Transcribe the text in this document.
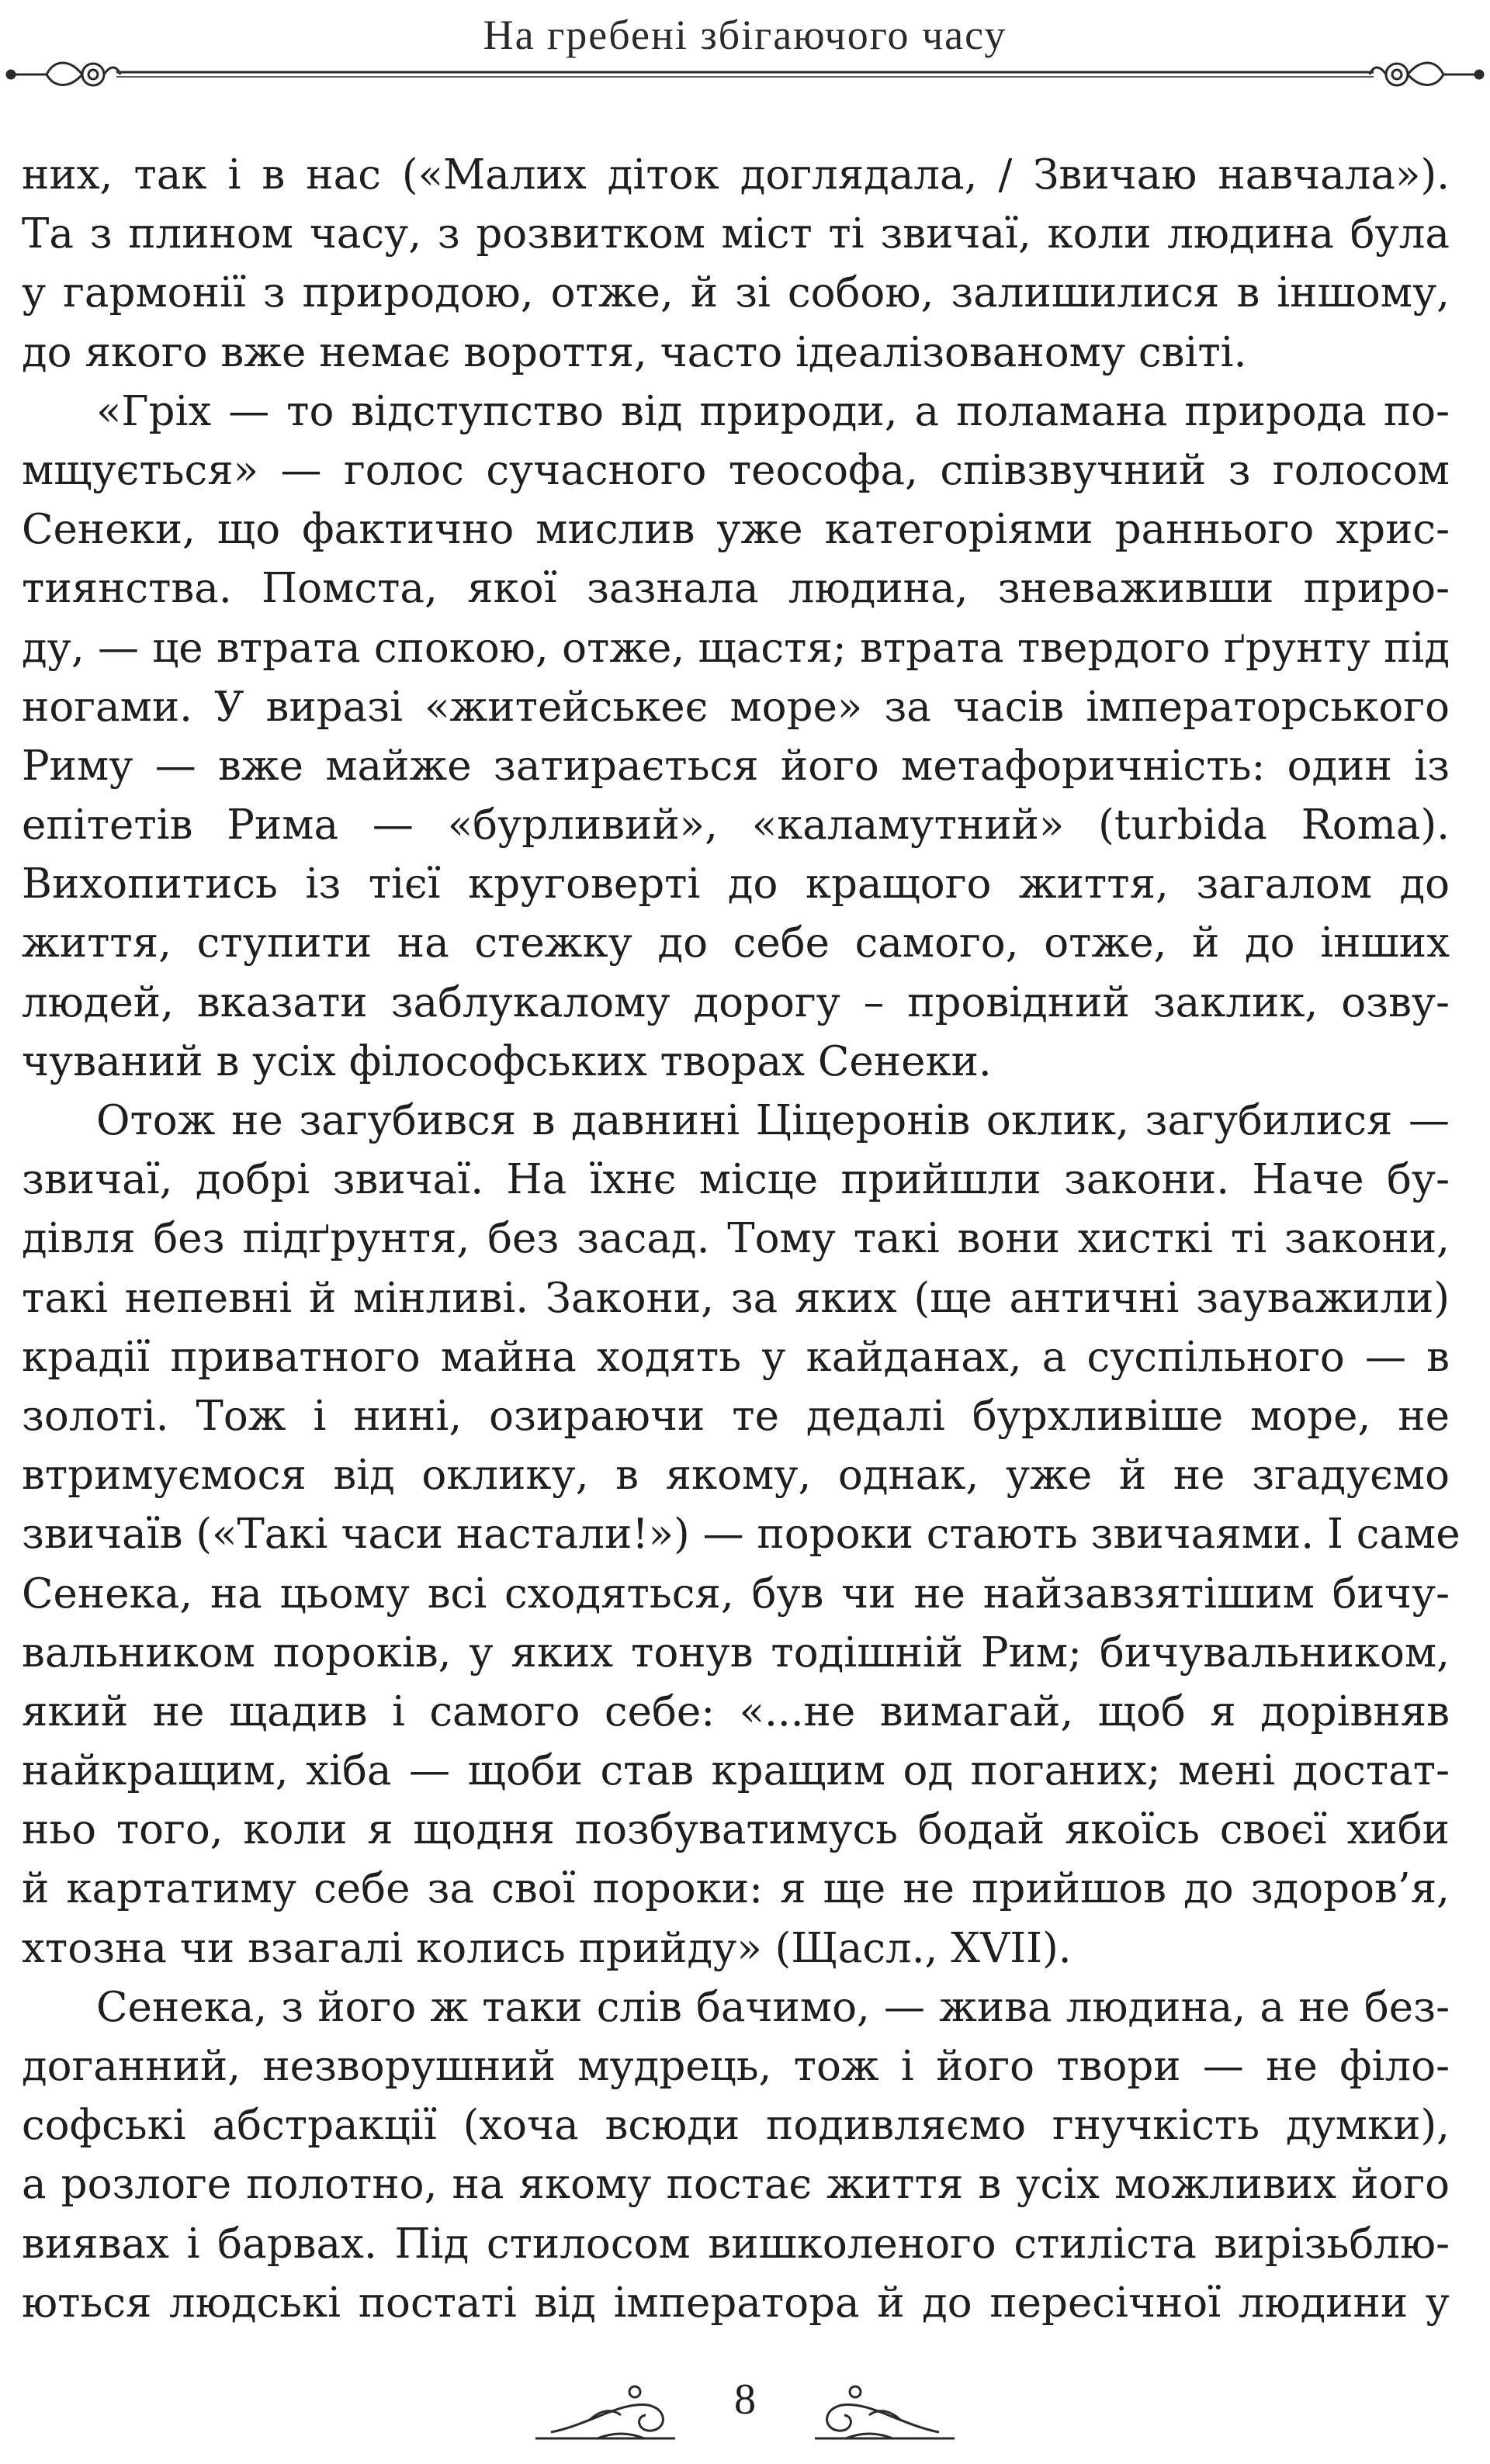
На гребені збігаючого часу
них, так і в нас («Малих діток доглядала, / Звичаю навчала»).
Та з плином часу, з розвитком міст ті звичаї, коли людина була
у гармонії з природою, отже, й зі собою, залишилися в іншому,
до якого вже немає вороття, часто ідеалізованому світі.
«Гріх — то відступство від природи, а поламана природа по-
мщується» — голос сучасного теософа, співзвучний з голосом
Сенеки, що фактично мислив уже категоріями раннього хрис-
тиянства. Помста, якої зазнала людина, зневаживши приро-
ду, — це втрата спокою, отже, щастя; втрата твердого ґрунту під
ногами. У виразі «житейськеє море» за часів імператорського
Риму — вже майже затирається його метафоричність: один із
епітетів Рима — «бурливий», «каламутний» (turbida Roma).
Вихопитись із тієї круговерті до кращого життя, загалом до
життя, ступити на стежку до себе самого, отже, й до інших
людей, вказати заблукалому дорогу – провідний заклик, озву-
чуваний в усіх філософських творах Сенеки.
Отож не загубився в давнині Ціцеронів оклик, загубилися —
звичаї, добрі звичаї. На їхнє місце прийшли закони. Наче бу-
дівля без підґрунтя, без засад. Тому такі вони хисткі ті закони,
такі непевні й мінливі. Закони, за яких (ще античні зауважили)
крадії приватного майна ходять у кайданах, а суспільного — в
золоті. Тож і нині, озираючи те дедалі бурхливіше море, не
втримуємося від оклику, в якому, однак, уже й не згадуємо
звичаїв («Такі часи настали!») — пороки стають звичаями. І саме
Сенека, на цьому всі сходяться, був чи не найзавзятішим бичу-
вальником пороків, у яких тонув тодішній Рим; бичувальником,
який не щадив і самого себе: «...не вимагай, щоб я дорівняв
найкращим, хіба — щоби став кращим од поганих; мені достат-
ньо того, коли я щодня позбуватимусь бодай якоїсь своєї хиби
й картатиму себе за свої пороки: я ще не прийшов до здоров’я,
хтозна чи взагалі колись прийду» (Щасл., XVII).
Сенека, з його ж таки слів бачимо, — жива людина, а не без-
доганний, незворушний мудрець, тож і його твори — не філо-
софські абстракції (хоча всюди подивляємо гнучкість думки),
а розлоге полотно, на якому постає життя в усіх можливих його
виявах і барвах. Під стилосом вишколеного стиліста вирізьблю-
ються людські постаті від імператора й до пересічної людини у
8
